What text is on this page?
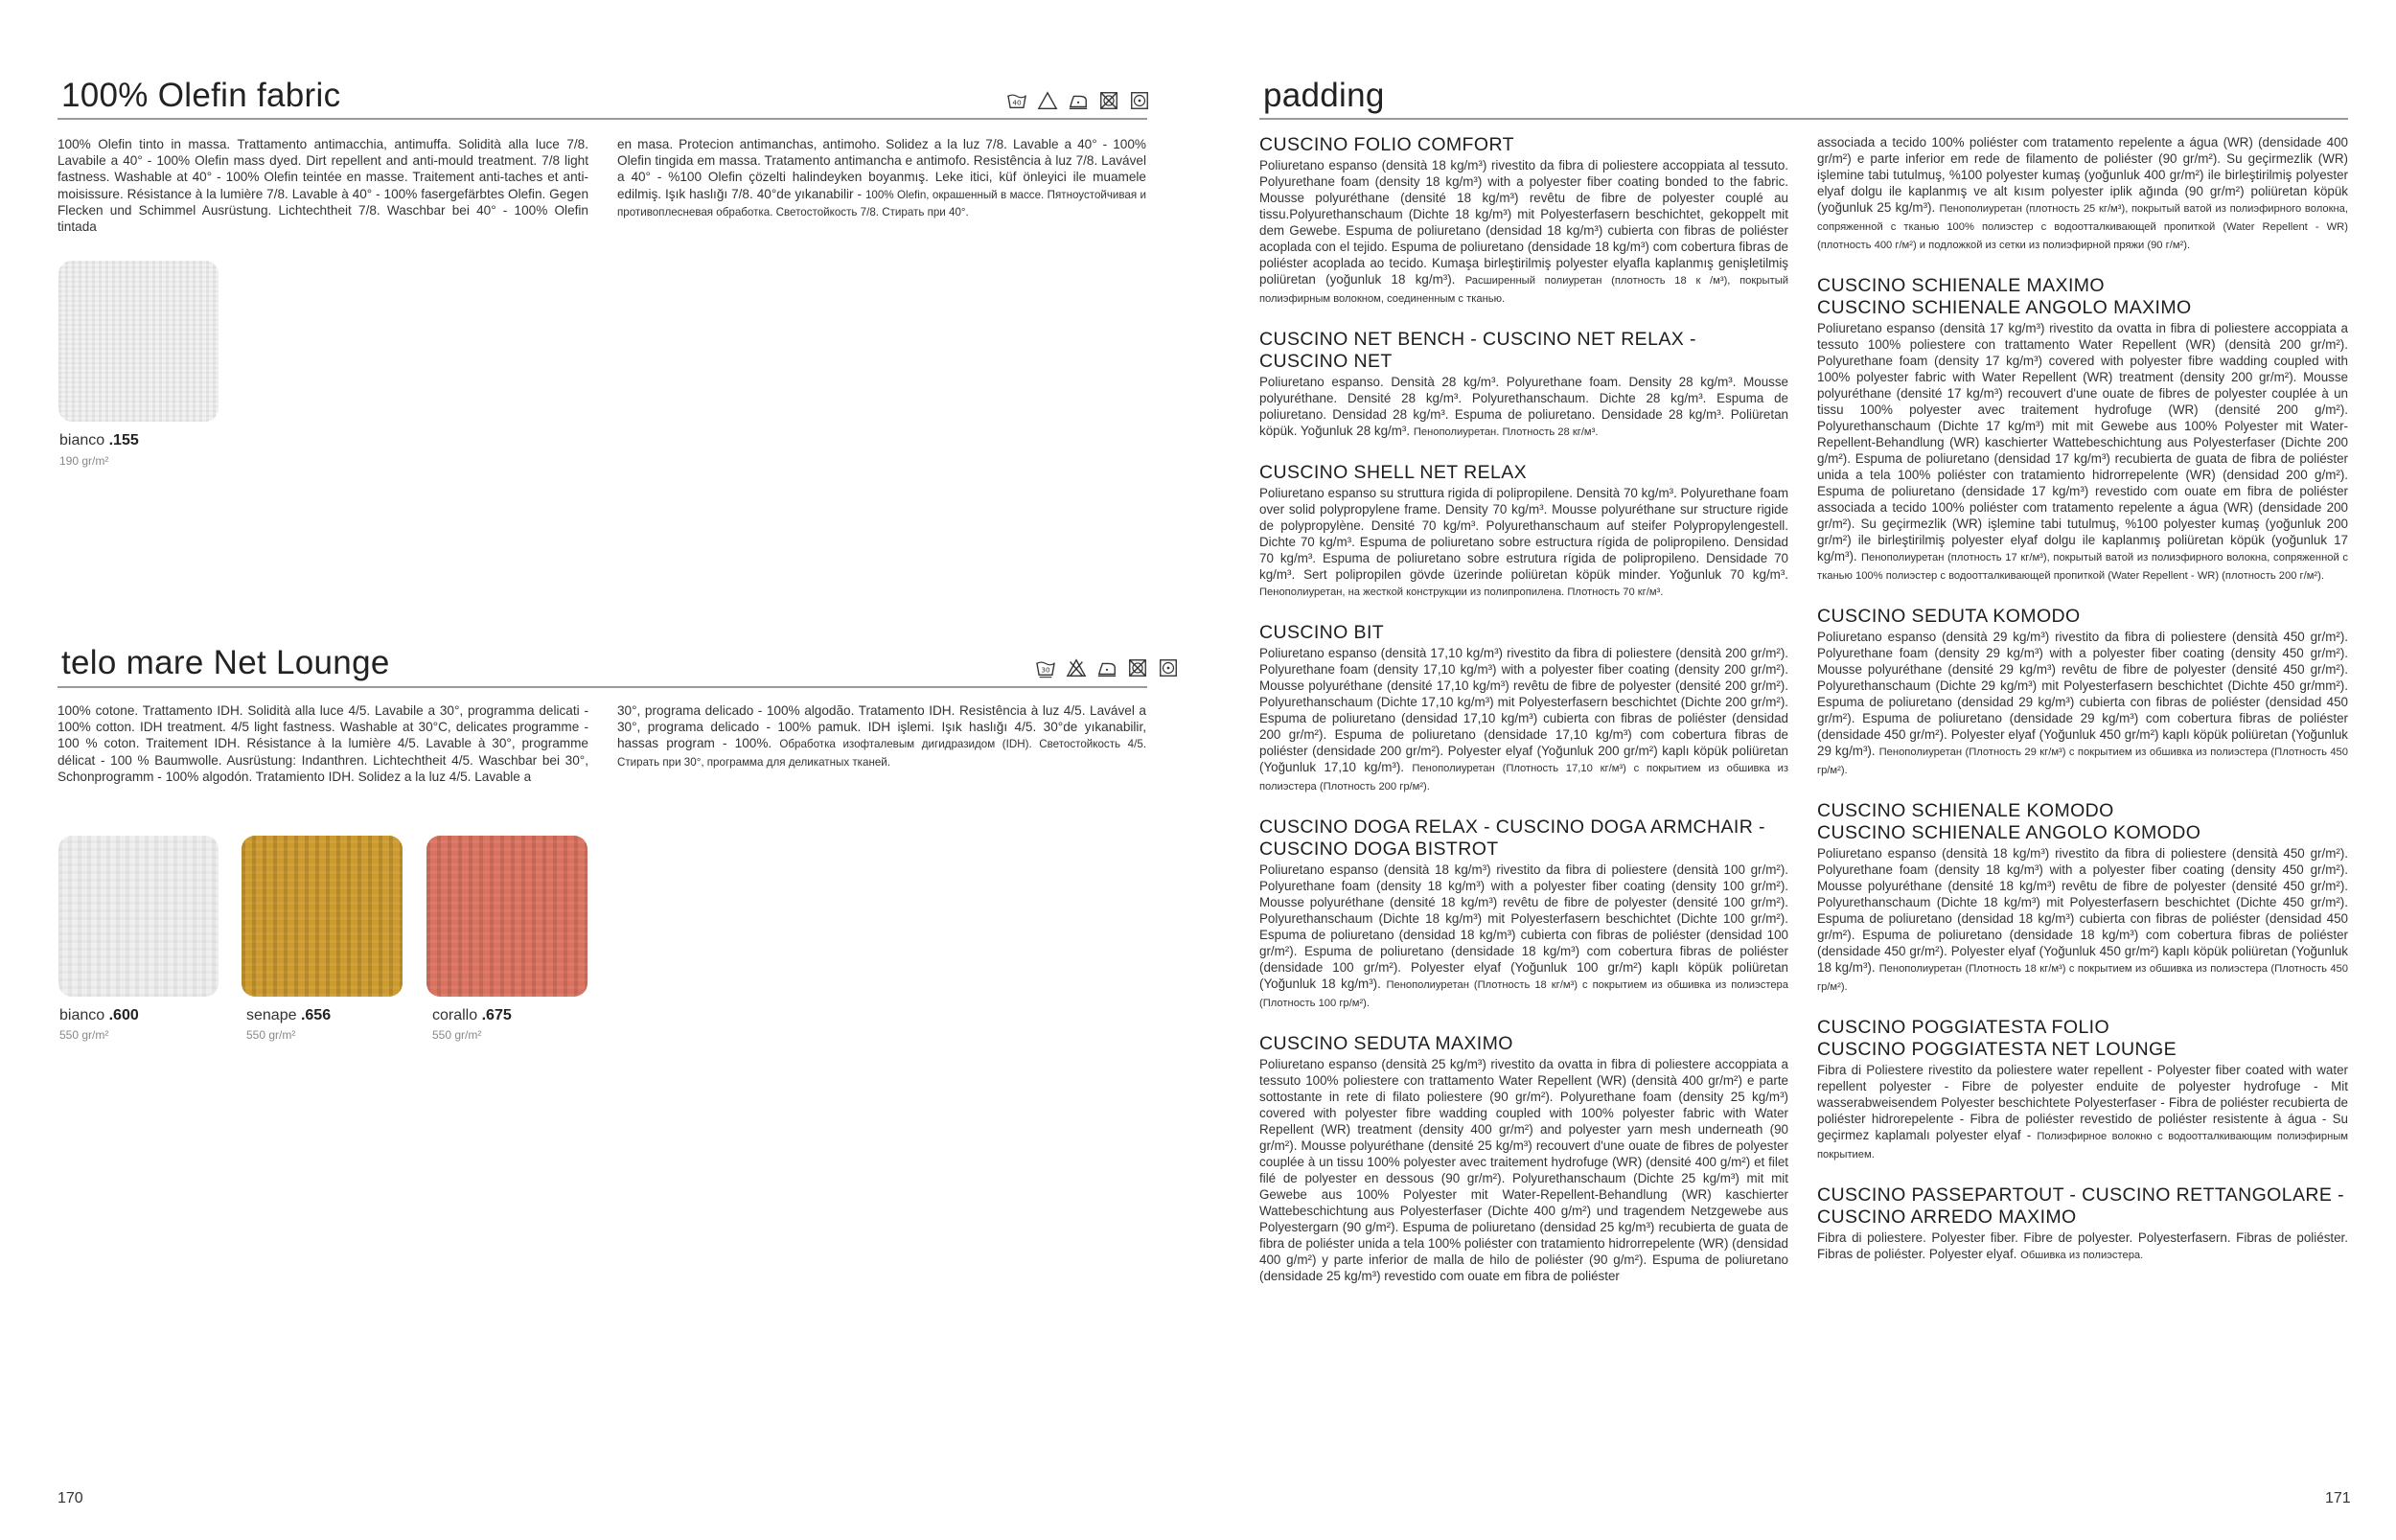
100% Olefin fabric	40

100% Olefin tinto in massa. Trattamento antimacchia, antimuffa. Solidità alla luce 7/8. Lavabile a 40° - 100% Olefin mass dyed. Dirt repellent and anti-mould treatment. 7/8 light fastness. Washable at 40° - 100% Olefin teintée en masse. Traitement anti-taches et anti-moisissure. Résistance à la lumière 7/8. Lavable à 40° - 100% fasergefärbtes Olefin. Gegen Flecken und Schimmel Ausrüstung. Lichtechtheit 7/8. Waschbar bei 40° - 100% Olefin tintada

en masa. Protecion antimanchas, antimoho. Solidez a la luz 7/8. Lavable a 40° - 100% Olefin tingida em massa. Tratamento antimancha e antimofo. Resistência à luz 7/8. Lavável a 40° - %100 Olefin çözelti halindeyken boyanmış. Leke itici, küf önleyici ile muamele edilmiş. Işık haslığı 7/8. 40°de yıkanabilir - 100% Olefin, окрашенный в массе. Пятноустойчивая и противоплесневая обработка. Светостойкость 7/8. Стирать при 40°.

bianco .155
190 gr/m²
telo mare Net Lounge	30

100% cotone. Trattamento IDH. Solidità alla luce 4/5. Lavabile a 30°, programma delicati - 100% cotton. IDH treatment. 4/5 light fastness. Washable at 30°C, delicates programme - 100 % coton. Traitement IDH. Résistance à la lumière 4/5. Lavable à 30°, programme délicat - 100 % Baumwolle. Ausrüstung: Indanthren. Lichtechtheit 4/5. Waschbar bei 30°, Schonprogramm - 100% algodón. Tratamiento IDH. Solidez a la luz 4/5. Lavable a

30°, programa delicado - 100% algodão. Tratamento IDH. Resistência à luz 4/5. Lavável a 30°, programa delicado - 100% pamuk. IDH işlemi. Işık haslığı 4/5. 30°de yıkanabilir, hassas program - 100%. Обработка изофталевым дигидразидом (IDH). Светостойкость 4/5. Стирать при 30°, программа для деликатных тканей.

bianco .600
550 gr/m²
senape .656
550 gr/m²
corallo .675
550 gr/m²
170
padding
CUSCINO FOLIO COMFORT

Poliuretano espanso (densità 18 kg/m³) rivestito da fibra di poliestere accoppiata al tessuto. Polyurethane foam (density 18 kg/m³) with a polyester fiber coating bonded to the fabric. Mousse polyuréthane (densité 18 kg/m³) revêtu de fibre de polyester couplé au tissu.Polyurethanschaum (Dichte 18 kg/m³) mit Polyesterfasern beschichtet, gekoppelt mit dem Gewebe. Espuma de poliuretano (densidad 18 kg/m³) cubierta con fibras de poliéster acoplada con el tejido. Espuma de poliuretano (densidade 18 kg/m³) com cobertura fibras de poliéster acoplada ao tecido. Kumaşa birleştirilmiş polyester elyafla kaplanmış genişletilmiş poliüretan (yoğunluk 18 kg/m³). Расширенный полиуретан (плотность 18 к /м³), покрытый полиэфирным волокном, соединенным с тканью.

CUSCINO NET BENCH - CUSCINO NET RELAX - CUSCINO NET

Poliuretano espanso. Densità 28 kg/m³. Polyurethane foam. Density 28 kg/m³. Mousse polyuréthane. Densité 28 kg/m³. Polyurethanschaum. Dichte 28 kg/m³. Espuma de poliuretano. Densidad 28 kg/m³. Espuma de poliuretano. Densidade 28 kg/m³. Poliüretan köpük. Yoğunluk 28 kg/m³. Пенополиуретан. Плотность 28 кг/м³.

CUSCINO SHELL NET RELAX

Poliuretano espanso su struttura rigida di polipropilene. Densità 70 kg/m³. Polyurethane foam over solid polypropylene frame. Density 70 kg/m³. Mousse polyuréthane sur structure rigide de polypropylène. Densité 70 kg/m³. Polyurethanschaum auf steifer Polypropylengestell. Dichte 70 kg/m³. Espuma de poliuretano sobre estructura rígida de polipropileno. Densidad 70 kg/m³. Espuma de poliuretano sobre estrutura rígida de polipropileno. Densidade 70 kg/m³. Sert polipropilen gövde üzerinde poliüretan köpük minder. Yoğunluk 70 kg/m³. Пенополиуретан, на жесткой конструкции из полипропилена. Плотность 70 кг/м³.

CUSCINO BIT

Poliuretano espanso (densità 17,10 kg/m³) rivestito da fibra di poliestere (densità 200 gr/m²). Polyurethane foam (density 17,10 kg/m³) with a polyester fiber coating (density 200 gr/m²). Mousse polyuréthane (densité 17,10 kg/m³) revêtu de fibre de polyester (densité 200 gr/m²). Polyurethanschaum (Dichte 17,10 kg/m³) mit Polyesterfasern beschichtet (Dichte 200 gr/m²). Espuma de poliuretano (densidad 17,10 kg/m³) cubierta con fibras de poliéster (densidad 200 gr/m²). Espuma de poliuretano (densidade 17,10 kg/m³) com cobertura fibras de poliéster (densidade 200 gr/m²). Polyester elyaf (Yoğunluk 200 gr/m²) kaplı köpük poliüretan (Yoğunluk 17,10 kg/m³). Пенополиуретан (Плотность 17,10 кг/м³) с покрытием из обшивка из полиэстера (Плотность 200 гр/м²).

CUSCINO DOGA RELAX - CUSCINO DOGA ARMCHAIR - CUSCINO DOGA BISTROT

Poliuretano espanso (densità 18 kg/m³) rivestito da fibra di poliestere (densità 100 gr/m²). Polyurethane foam (density 18 kg/m³) with a polyester fiber coating (density 100 gr/m²). Mousse polyuréthane (densité 18 kg/m³) revêtu de fibre de polyester (densité 100 gr/m²). Polyurethanschaum (Dichte 18 kg/m³) mit Polyesterfasern beschichtet (Dichte 100 gr/m²). Espuma de poliuretano (densidad 18 kg/m³) cubierta con fibras de poliéster (densidad 100 gr/m²). Espuma de poliuretano (densidade 18 kg/m³) com cobertura fibras de poliéster (densidade 100 gr/m²). Polyester elyaf (Yoğunluk 100 gr/m²) kaplı köpük poliüretan (Yoğunluk 18 kg/m³). Пенополиуретан (Плотность 18 кг/м³) с покрытием из обшивка из полиэстера (Плотность 100 гр/м²).

CUSCINO SEDUTA MAXIMO

Poliuretano espanso (densità 25 kg/m³) rivestito da ovatta in fibra di poliestere accoppiata a tessuto 100% poliestere con trattamento Water Repellent (WR) (densità 400 gr/m²) e parte sottostante in rete di filato poliestere (90 gr/m²). Polyurethane foam (density 25 kg/m³) covered with polyester fibre wadding coupled with 100% polyester fabric with Water Repellent (WR) treatment (density 400 gr/m²) and polyester yarn mesh underneath (90 gr/m²). Mousse polyuréthane (densité 25 kg/m³) recouvert d'une ouate de fibres de polyester couplée à un tissu 100% polyester avec traitement hydrofuge (WR) (densité 400 g/m²) et filet filé de polyester en dessous (90 gr/m²). Polyurethanschaum (Dichte 25 kg/m³) mit mit Gewebe aus 100% Polyester mit Water-Repellent-Behandlung (WR) kaschierter Wattebeschichtung aus Polyesterfaser (Dichte 400 g/m²) und tragendem Netzgewebe aus Polyestergarn (90 g/m²). Espuma de poliuretano (densidad 25 kg/m³) recubierta de guata de fibra de poliéster unida a tela 100% poliéster con tratamiento hidrorrepelente (WR) (densidad 400 g/m²) y parte inferior de malla de hilo de poliéster (90 g/m²). Espuma de poliuretano (densidade 25 kg/m³) revestido com ouate em fibra de poliéster

associada a tecido 100% poliéster com tratamento repelente a água (WR) (densidade 400 gr/m²) e parte inferior em rede de filamento de poliéster (90 gr/m²). Su geçirmezlik (WR) işlemine tabi tutulmuş, %100 polyester kumaş (yoğunluk 400 gr/m²) ile birleştirilmiş polyester elyaf dolgu ile kaplanmış ve alt kısım polyester iplik ağında (90 gr/m²) poliüretan köpük (yoğunluk 25 kg/m³). Пенополиуретан (плотность 25 кг/м³), покрытый ватой из полиэфирного волокна, сопряженной с тканью 100% полиэстер с водоотталкивающей пропиткой (Water Repellent - WR) (плотность 400 г/м²) и подложкой из сетки из полиэфирной пряжи (90 г/м²).

CUSCINO SCHIENALE MAXIMO
CUSCINO SCHIENALE ANGOLO MAXIMO

Poliuretano espanso (densità 17 kg/m³) rivestito da ovatta in fibra di poliestere accoppiata a tessuto 100% poliestere con trattamento Water Repellent (WR) (densità 200 gr/m²). Polyurethane foam (density 17 kg/m³) covered with polyester fibre wadding coupled with 100% polyester fabric with Water Repellent (WR) treatment (density 200 gr/m²). Mousse polyuréthane (densité 17 kg/m³) recouvert d'une ouate de fibres de polyester couplée à un tissu 100% polyester avec traitement hydrofuge (WR) (densité 200 g/m²). Polyurethanschaum (Dichte 17 kg/m³) mit mit Gewebe aus 100% Polyester mit Water-Repellent-Behandlung (WR) kaschierter Wattebeschichtung aus Polyesterfaser (Dichte 200 g/m²). Espuma de poliuretano (densidad 17 kg/m³) recubierta de guata de fibra de poliéster unida a tela 100% poliéster con tratamiento hidrorrepelente (WR) (densidad 200 g/m²). Espuma de poliuretano (densidade 17 kg/m³) revestido com ouate em fibra de poliéster associada a tecido 100% poliéster com tratamento repelente a água (WR) (densidade 200 gr/m²). Su geçirmezlik (WR) işlemine tabi tutulmuş, %100 polyester kumaş (yoğunluk 200 gr/m²) ile birleştirilmiş polyester elyaf dolgu ile kaplanmış poliüretan köpük (yoğunluk 17 kg/m³). Пенополиуретан (плотность 17 кг/м³), покрытый ватой из полиэфирного волокна, сопряженной с тканью 100% полиэстер с водоотталкивающей пропиткой (Water Repellent - WR) (плотность 200 г/м²).

CUSCINO SEDUTA KOMODO

Poliuretano espanso (densità 29 kg/m³) rivestito da fibra di poliestere (densità 450 gr/m²). Polyurethane foam (density 29 kg/m³) with a polyester fiber coating (density 450 gr/m²). Mousse polyuréthane (densité 29 kg/m³) revêtu de fibre de polyester (densité 450 gr/m²). Polyurethanschaum (Dichte 29 kg/m³) mit Polyesterfasern beschichtet (Dichte 450 gr/mm²). Espuma de poliuretano (densidad 29 kg/m³) cubierta con fibras de poliéster (densidad 450 gr/m²). Espuma de poliuretano (densidade 29 kg/m³) com cobertura fibras de poliéster (densidade 450 gr/m²). Polyester elyaf (Yoğunluk 450 gr/m²) kaplı köpük poliüretan (Yoğunluk 29 kg/m³). Пенополиуретан (Плотность 29 кг/м³) с покрытием из обшивка из полиэстера (Плотность 450 гр/м²).

CUSCINO SCHIENALE KOMODO
CUSCINO SCHIENALE ANGOLO KOMODO

Poliuretano espanso (densità 18 kg/m³) rivestito da fibra di poliestere (densità 450 gr/m²). Polyurethane foam (density 18 kg/m³) with a polyester fiber coating (density 450 gr/m²). Mousse polyuréthane (densité 18 kg/m³) revêtu de fibre de polyester (densité 450 gr/m²). Polyurethanschaum (Dichte 18 kg/m³) mit Polyesterfasern beschichtet (Dichte 450 gr/m²). Espuma de poliuretano (densidad 18 kg/m³) cubierta con fibras de poliéster (densidad 450 gr/m²). Espuma de poliuretano (densidade 18 kg/m³) com cobertura fibras de poliéster (densidade 450 gr/m²). Polyester elyaf (Yoğunluk 450 gr/m²) kaplı köpük poliüretan (Yoğunluk 18 kg/m³). Пенополиуретан (Плотность 18 кг/м³) с покрытием из обшивка из полиэстера (Плотность 450 гр/м²).

CUSCINO POGGIATESTA FOLIO
CUSCINO POGGIATESTA NET LOUNGE

Fibra di Poliestere rivestito da poliestere water repellent - Polyester fiber coated with water repellent polyester - Fibre de polyester enduite de polyester hydrofuge - Mit wasserabweisendem Polyester beschichtete Polyesterfaser - Fibra de poliéster recubierta de poliéster hidrorepelente - Fibra de poliéster revestido de poliéster resistente à água - Su geçirmez kaplamalı polyester elyaf - Полиэфирное волокно с водоотталкивающим полиэфирным покрытием.

CUSCINO PASSEPARTOUT - CUSCINO RETTANGOLARE - CUSCINO ARREDO MAXIMO

Fibra di poliestere. Polyester fiber. Fibre de polyester. Polyesterfasern. Fibras de poliéster. Fibras de poliéster. Polyester elyaf. Обшивка из полиэстера.

171
